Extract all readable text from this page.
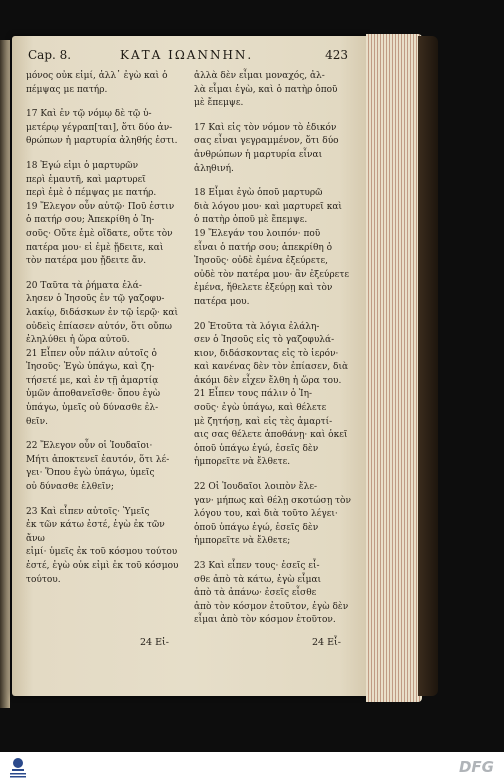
Cap. 8.	ΚΑΤΑ ΙΩΑΝΝΗΝ.	423

μόνος οὐκ εἰμί, ἀλλ᾽ ἐγὼ καὶ ὁ

πέμψας με πατήρ.

17 Καὶ ἐν τῷ νόμῳ δὲ τῷ ὑ-

μετέρῳ γέγραπ[ται], ὅτι δύο ἀν-

θρώπων ἡ μαρτυρία ἀληθής ἐστι.

18 Ἐγώ εἰμι ὁ μαρτυρῶν

περὶ ἐμαυτῆ, καὶ μαρτυρεῖ

περὶ ἐμὲ ὁ πέμψας με πατήρ.

19 Ἔλεγον οὖν αὐτῷ· Ποῦ ἐστιν

ὁ πατήρ σου; Ἀπεκρίθη ὁ Ἰη-

σοῦς· Οὔτε ἐμὲ οἴδατε, οὔτε τὸν

πατέρα μου· εἰ ἐμὲ ᾔδειτε, καὶ

τὸν πατέρα μου ᾔδειτε ἄν.

20 Ταῦτα τὰ ῥήματα ἐλά-

λησεν ὁ Ἰησοῦς ἐν τῷ γαζοφυ-

λακίῳ, διδάσκων ἐν τῷ ἱερῷ· καὶ

οὐδεὶς ἐπίασεν αὐτόν, ὅτι οὔπω

ἐληλύθει ἡ ὥρα αὐτοῦ.

21 Εἶπεν οὖν πάλιν αὐτοῖς ὁ

Ἰησοῦς· Ἐγὼ ὑπάγω, καὶ ζη-

τήσετέ με, καὶ ἐν τῇ ἁμαρτίᾳ

ὑμῶν ἀποθανεῖσθε· ὅπου ἐγὼ

ὑπάγω, ὑμεῖς οὐ δύνασθε ἐλ-

θεῖν.

22 Ἔλεγον οὖν οἱ Ἰουδαῖοι·

Μήτι ἀποκτενεῖ ἑαυτόν, ὅτι λέ-

γει· Ὅπου ἐγὼ ὑπάγω, ὑμεῖς

οὐ δύνασθε ἐλθεῖν;

23 Καὶ εἶπεν αὐτοῖς· Ὑμεῖς

ἐκ τῶν κάτω ἐστέ, ἐγὼ ἐκ τῶν ἄνω

εἰμί· ὑμεῖς ἐκ τοῦ κόσμου τούτου

ἐστέ, ἐγὼ οὐκ εἰμὶ ἐκ τοῦ κόσμου

τούτου.

ἀλλὰ δὲν εἶμαι μοναχός, ἀλ-

λὰ εἶμαι ἐγὼ, καὶ ὁ πατὴρ ὁποῦ

μὲ ἔπεμψε.

17 Καὶ εἰς τὸν νόμον τὸ ἐδικόν

σας εἶναι γεγραμμένον, ὅτι δύο

ἀνθρώπων ἡ μαρτυρία εἶναι

ἀληθινή.

18 Εἶμαι ἐγὼ ὁποῦ μαρτυρῶ

διὰ λόγου μου· καὶ μαρτυρεῖ καὶ

ὁ πατὴρ ὁποῦ μὲ ἔπεμψε.

19 Ἔλεγάν του λοιπόν· ποῦ

εἶναι ὁ πατήρ σου; ἀπεκρίθη ὁ

Ἰησοῦς· οὐδὲ ἐμένα ἐξεύρετε,

οὐδὲ τὸν πατέρα μου· ἂν ἐξεύρετε

ἐμένα, ἤθελετε ἐξεύρῃ καὶ τὸν

πατέρα μου.

20 Ἐτοῦτα τὰ λόγια ἐλάλη-

σεν ὁ Ἰησοῦς εἰς τὸ γαζοφυλά-

κιον, διδάσκοντας εἰς τὸ ἱερόν·

καὶ κανένας δὲν τὸν ἐπίασεν, διὰ

ἀκόμι δὲν εἶχεν ἔλθη ἡ ὥρα του.

21 Εἶπεν τους πάλιν ὁ Ἰη-

σοῦς· ἐγὼ ὑπάγω, καὶ θέλετε

μὲ ζητήσῃ, καὶ εἰς τὲς ἁμαρτί-

αις σας θέλετε ἀποθάνῃ· καὶ ὁκεῖ

ὁποῦ ὑπάγω ἐγώ, ἐσεῖς δὲν

ἠμπορεῖτε νὰ ἔλθετε.

22 Οἱ Ἰουδαῖοι λοιπὸν ἔλε-

γαν· μήπως καὶ θέλῃ σκοτώσῃ τὸν

λόγου του, καὶ διὰ τοῦτο λέγει·

ὁποῦ ὑπάγω ἐγώ, ἐσεῖς δὲν

ἠμπορεῖτε νὰ ἔλθετε;

23 Καὶ εἶπεν τους· ἐσεῖς εἶ-

σθε ἀπὸ τὰ κάτω, ἐγὼ εἶμαι

ἀπὸ τὰ ἀπάνω· ἐσεῖς εἶσθε

ἀπὸ τὸν κόσμον ἐτοῦτον, ἐγὼ δὲν

εἶμαι ἀπὸ τὸν κόσμον ἐτοῦτον.

24 Εἰ-	24 Εἶ-
DFG
